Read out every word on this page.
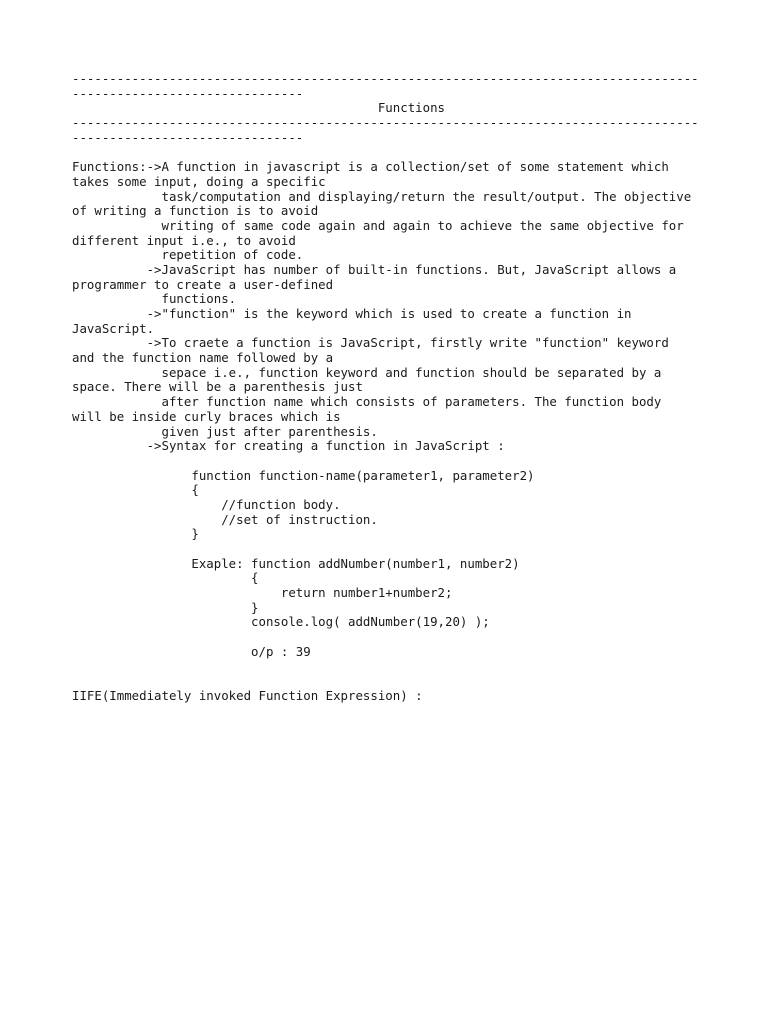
------------------------------------------------------------------------------------
-------------------------------
Functions
------------------------------------------------------------------------------------
-------------------------------
Functions:->A function in javascript is a collection/set of some statement which
takes some input, doing a specific
task/computation and displaying/return the result/output. The objective
of writing a function is to avoid
writing of same code again and again to achieve the same objective for
different input i.e., to avoid
repetition of code.
->JavaScript has number of built-in functions. But, JavaScript allows a
programmer to create a user-defined
functions.
->"function" is the keyword which is used to create a function in
JavaScript.
->To craete a function is JavaScript, firstly write "function" keyword
and the function name followed by a
sepace i.e., function keyword and function should be separated by a
space. There will be a parenthesis just
after function name which consists of parameters. The function body
will be inside curly braces which is
given just after parenthesis.
->Syntax for creating a function in JavaScript :
function function-name(parameter1, parameter2)
{
//function body.
//set of instruction.
}
Exaple: function addNumber(number1, number2)
{
return number1+number2;
}
console.log( addNumber(19,20) );
o/p : 39
IIFE(Immediately invoked Function Expression) :
